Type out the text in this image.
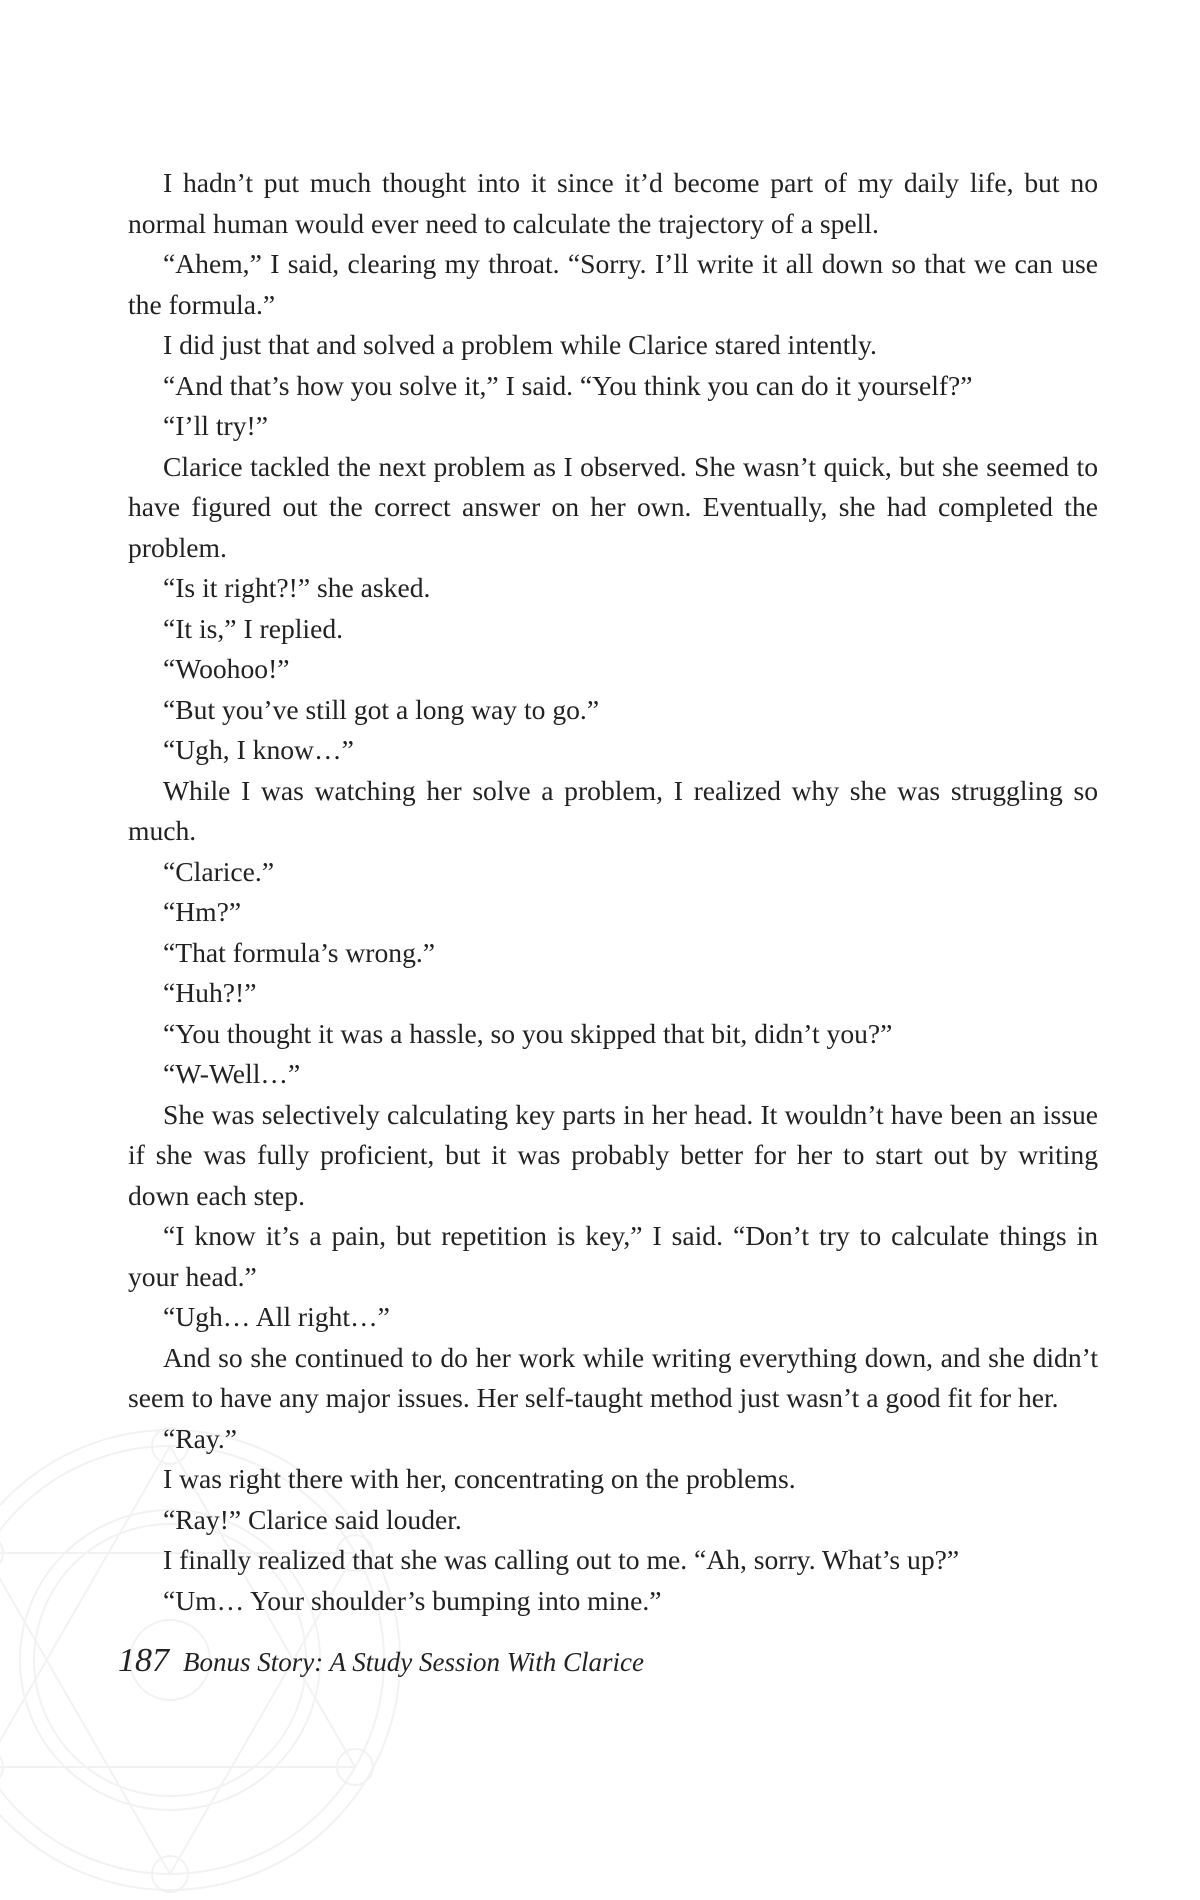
I hadn’t put much thought into it since it’d become part of my daily life, but no normal human would ever need to calculate the trajectory of a spell.

“Ahem,” I said, clearing my throat. “Sorry. I’ll write it all down so that we can use the formula.”

I did just that and solved a problem while Clarice stared intently.

“And that’s how you solve it,” I said. “You think you can do it yourself?”

“I’ll try!”

Clarice tackled the next problem as I observed. She wasn’t quick, but she seemed to have figured out the correct answer on her own. Eventually, she had completed the problem.

“Is it right?!” she asked.

“It is,” I replied.

“Woohoo!”

“But you’ve still got a long way to go.”

“Ugh, I know…”

While I was watching her solve a problem, I realized why she was struggling so much.

“Clarice.”

“Hm?”

“That formula’s wrong.”

“Huh?!”

“You thought it was a hassle, so you skipped that bit, didn’t you?”

“W-Well…”

She was selectively calculating key parts in her head. It wouldn’t have been an issue if she was fully proficient, but it was probably better for her to start out by writing down each step.

“I know it’s a pain, but repetition is key,” I said. “Don’t try to calculate things in your head.”

“Ugh… All right…”

And so she continued to do her work while writing everything down, and she didn’t seem to have any major issues. Her self-taught method just wasn’t a good fit for her.

“Ray.”

I was right there with her, concentrating on the problems.

“Ray!” Clarice said louder.

I finally realized that she was calling out to me. “Ah, sorry. What’s up?”

“Um… Your shoulder’s bumping into mine.”

187 Bonus Story: A Study Session With Clarice
